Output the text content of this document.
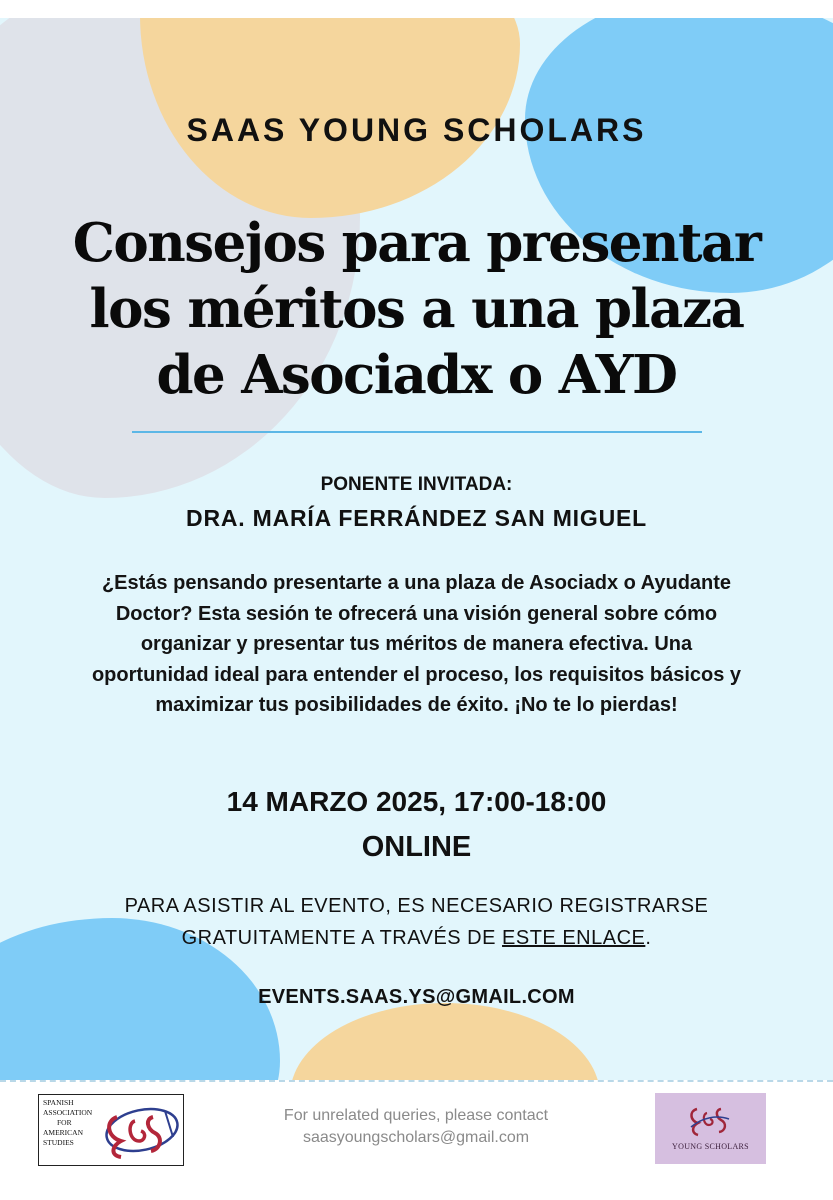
SAAS YOUNG SCHOLARS
Consejos para presentar
los méritos a una plaza
de Asociadx o AYD
PONENTE INVITADA:
DRA. MARÍA FERRÁNDEZ SAN MIGUEL

¿Estás pensando presentarte a una plaza de Asociadx o Ayudante Doctor? Esta sesión te ofrecerá una visión general sobre cómo organizar y presentar tus méritos de manera efectiva. Una oportunidad ideal para entender el proceso, los requisitos básicos y maximizar tus posibilidades de éxito. ¡No te lo pierdas!

14 MARZO 2025, 17:00-18:00
ONLINE

PARA ASISTIR AL EVENTO, ES NECESARIO REGISTRARSE GRATUITAMENTE A TRAVÉS DE ESTE ENLACE.

EVENTS.SAAS.YS@GMAIL.COM
SPANISH
ASSOCIATION
FOR
AMERICAN
STUDIES

For unrelated queries, please contact
saasyoungscholars@gmail.com

YOUNG SCHOLARS
